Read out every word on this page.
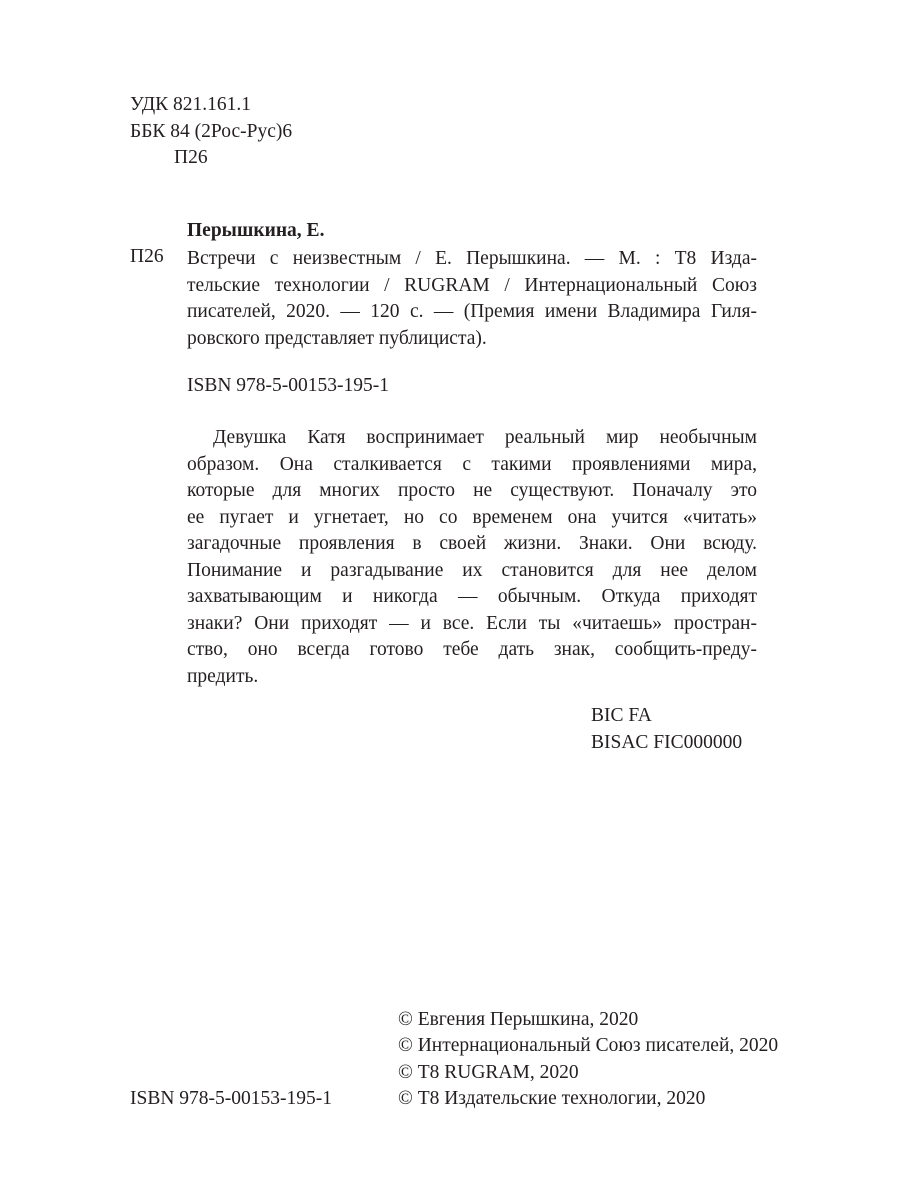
УДК 821.161.1
ББК 84 (2Рос-Рус)6
П26
Перышкина, Е.
П26 Встречи с неизвестным / Е. Перышкина. — М. : Т8 Изда-
тельские технологии / RUGRAM / Интернациональный Союз
писателей, 2020. — 120 с. — (Премия имени Владимира Гиля-
ровского представляет публициста).
ISBN 978-5-00153-195-1
Девушка Катя воспринимает реальный мир необычным
образом. Она сталкивается с такими проявлениями мира,
которые для многих просто не существуют. Поначалу это
ее пугает и угнетает, но со временем она учится «читать»
загадочные проявления в своей жизни. Знаки. Они всюду.
Понимание и разгадывание их становится для нее делом
захватывающим и никогда — обычным. Откуда приходят
знаки? Они приходят — и все. Если ты «читаешь» простран-
ство, оно всегда готово тебе дать знак, сообщить-преду-
предить.
BIC FA
BISAC FIC000000
© Евгения Перышкина, 2020
© Интернациональный Союз писателей, 2020
© Т8 RUGRAM, 2020
© Т8 Издательские технологии, 2020
ISBN 978-5-00153-195-1
